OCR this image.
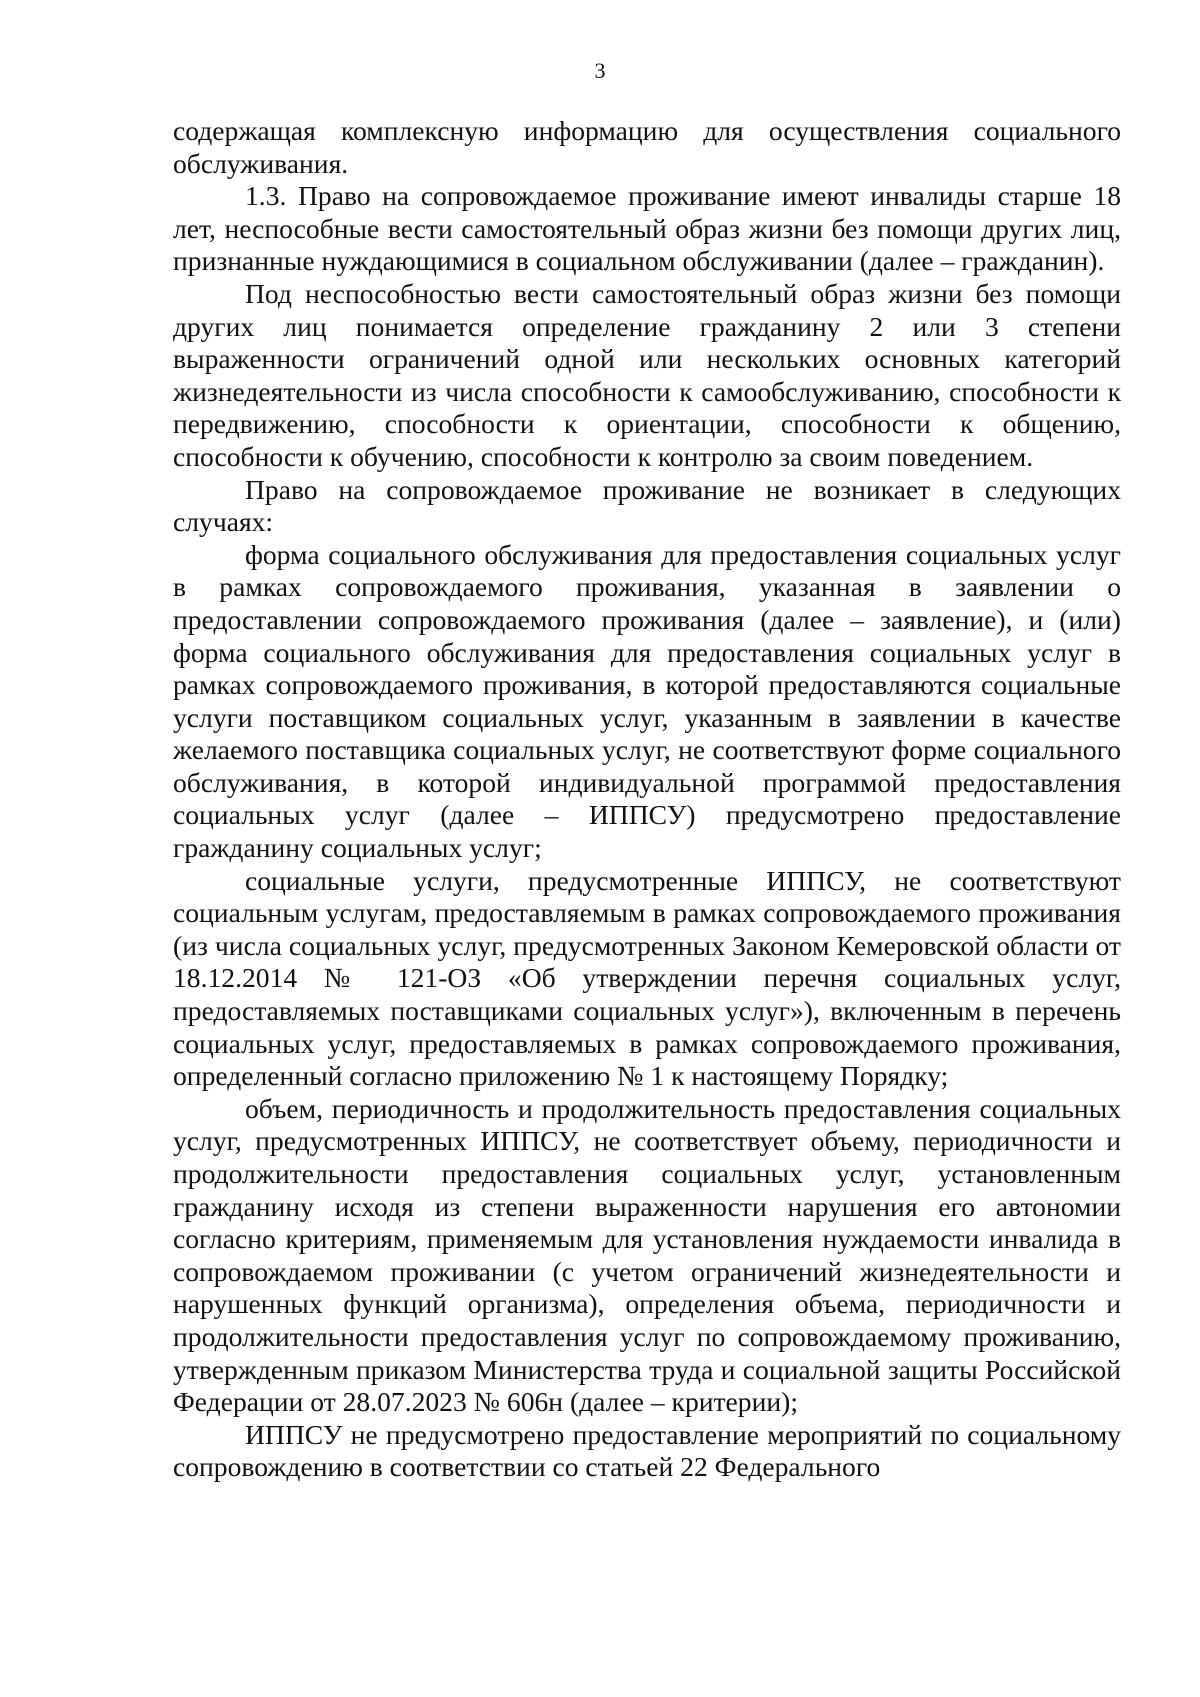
3

содержащая комплексную информацию для осуществления социального обслуживания.

1.3. Право на сопровождаемое проживание имеют инвалиды старше 18 лет, неспособные вести самостоятельный образ жизни без помощи других лиц, признанные нуждающимися в социальном обслуживании (далее – гражданин).

Под неспособностью вести самостоятельный образ жизни без помощи других лиц понимается определение гражданину 2 или 3 степени выраженности ограничений одной или нескольких основных категорий жизнедеятельности из числа способности к самообслуживанию, способности к передвижению, способности к ориентации, способности к общению, способности к обучению, способности к контролю за своим поведением.

Право на сопровождаемое проживание не возникает в следующих случаях:

форма социального обслуживания для предоставления социальных услуг в рамках сопровождаемого проживания, указанная в заявлении о предоставлении сопровождаемого проживания (далее – заявление), и (или) форма социального обслуживания для предоставления социальных услуг в рамках сопровождаемого проживания, в которой предоставляются социальные услуги поставщиком социальных услуг, указанным в заявлении в качестве желаемого поставщика социальных услуг, не соответствуют форме социального обслуживания, в которой индивидуальной программой предоставления социальных услуг (далее – ИППСУ) предусмотрено предоставление гражданину социальных услуг;

социальные услуги, предусмотренные ИППСУ, не соответствуют социальным услугам, предоставляемым в рамках сопровождаемого проживания (из числа социальных услуг, предусмотренных Законом Кемеровской области от 18.12.2014 № 121-ОЗ «Об утверждении перечня социальных услуг, предоставляемых поставщиками социальных услуг»), включенным в перечень социальных услуг, предоставляемых в рамках сопровождаемого проживания, определенный согласно приложению № 1 к настоящему Порядку;

объем, периодичность и продолжительность предоставления социальных услуг, предусмотренных ИППСУ, не соответствует объему, периодичности и продолжительности предоставления социальных услуг, установленным гражданину исходя из степени выраженности нарушения его автономии согласно критериям, применяемым для установления нуждаемости инвалида в сопровождаемом проживании (с учетом ограничений жизнедеятельности и нарушенных функций организма), определения объема, периодичности и продолжительности предоставления услуг по сопровождаемому проживанию, утвержденным приказом Министерства труда и социальной защиты Российской Федерации от 28.07.2023 № 606н (далее – критерии);

ИППСУ не предусмотрено предоставление мероприятий по социальному сопровождению в соответствии со статьей 22 Федерального
